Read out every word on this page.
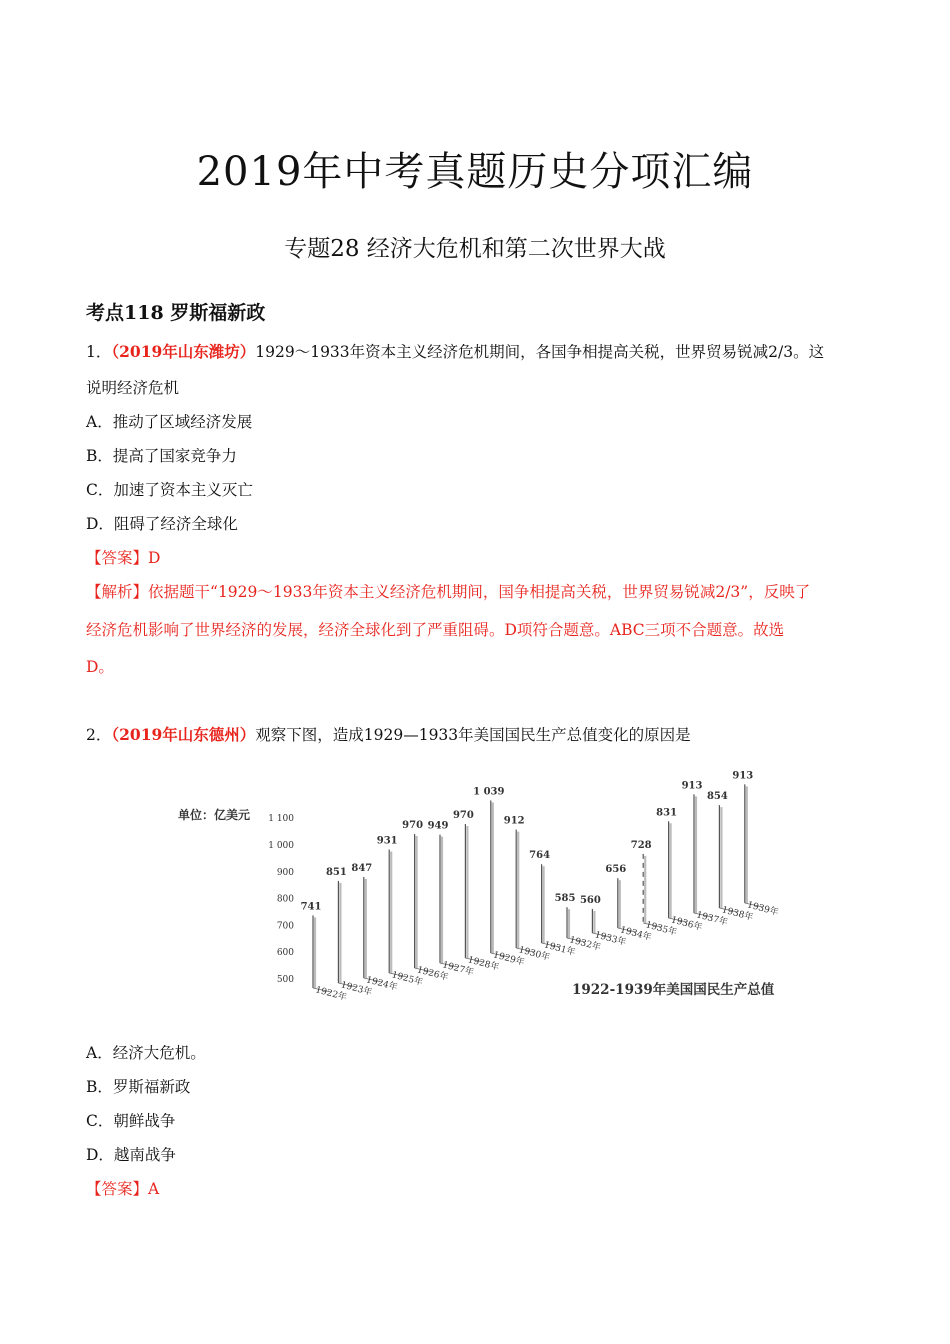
2019年中考真题历史分项汇编
专题28 经济大危机和第二次世界大战
考点118 罗斯福新政
1．（2019年山东潍坊）1929～1933年资本主义经济危机期间，各国争相提高关税，世界贸易锐减2/3。这
说明经济危机
A．推动了区域经济发展
B．提高了国家竞争力
C．加速了资本主义灭亡
D．阻碍了经济全球化
【答案】D
【解析】依据题干“1929～1933年资本主义经济危机期间，国争相提高关税，世界贸易锐减2/3”，反映了
经济危机影响了世界经济的发展，经济全球化到了严重阻碍。D项符合题意。ABC三项不合题意。故选
D。
2．（2019年山东德州）观察下图，造成1929—1933年美国国民生产总值变化的原因是
单位：亿美元
500
600
700
800
900
1 000
1 100
741
1922年
851
1923年
847
1924年
931
1925年
970
1926年
949
1927年
970
1928年
1 039
1929年
912
1930年
764
1931年
585
1932年
560
1933年
656
1934年
728
1935年
831
1936年
913
1937年
854
1938年
913
1939年
1922-1939年美国国民生产总值
A．经济大危机。
B．罗斯福新政
C．朝鲜战争
D．越南战争
【答案】A
